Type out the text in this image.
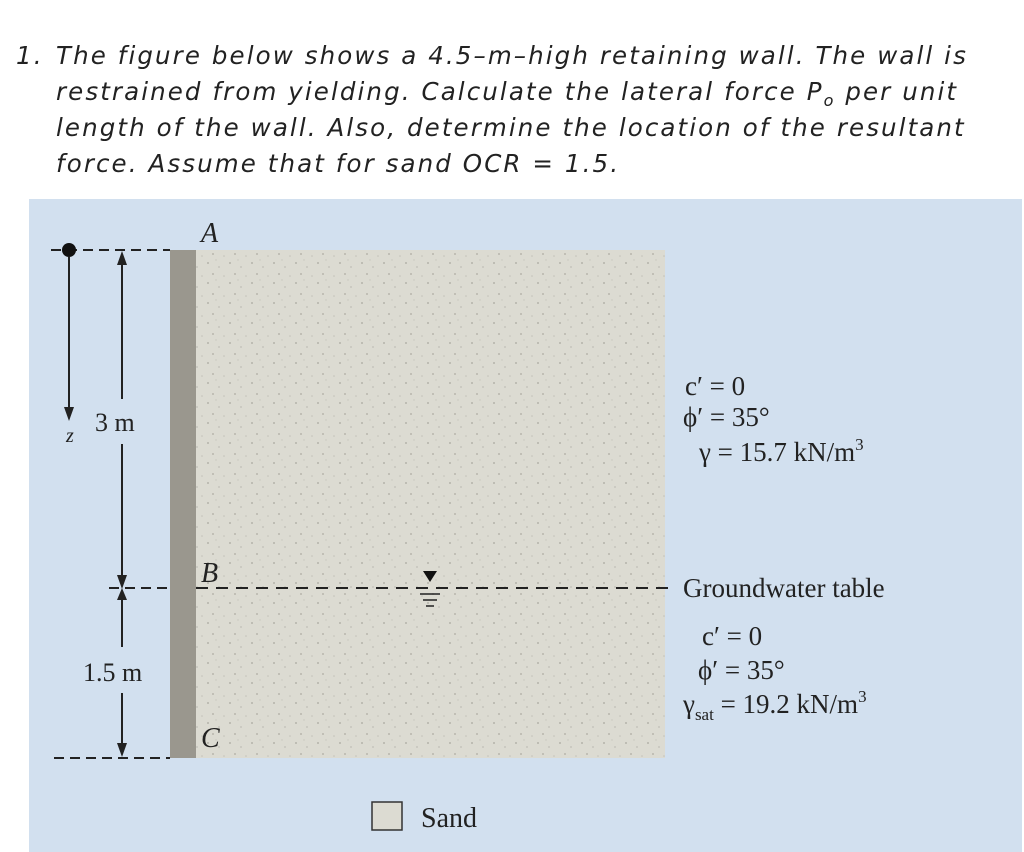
1. The figure below shows a 4.5–m–high retaining wall. The wall is
restrained from yielding. Calculate the lateral force $P_o$ per unit
length of the wall. Also, determine the location of the resultant
force. Assume that for sand OCR = 1.5.
z 3 m
1.5 m
A
B
C
c′ = 0
ϕ′ = 35°
γ = 15.7 $kN/m^3$
Groundwater table
c′ = 0
ϕ′ = 35°
$\gamma_{sat} = 19.2$ $kN/m^3$
Sand
